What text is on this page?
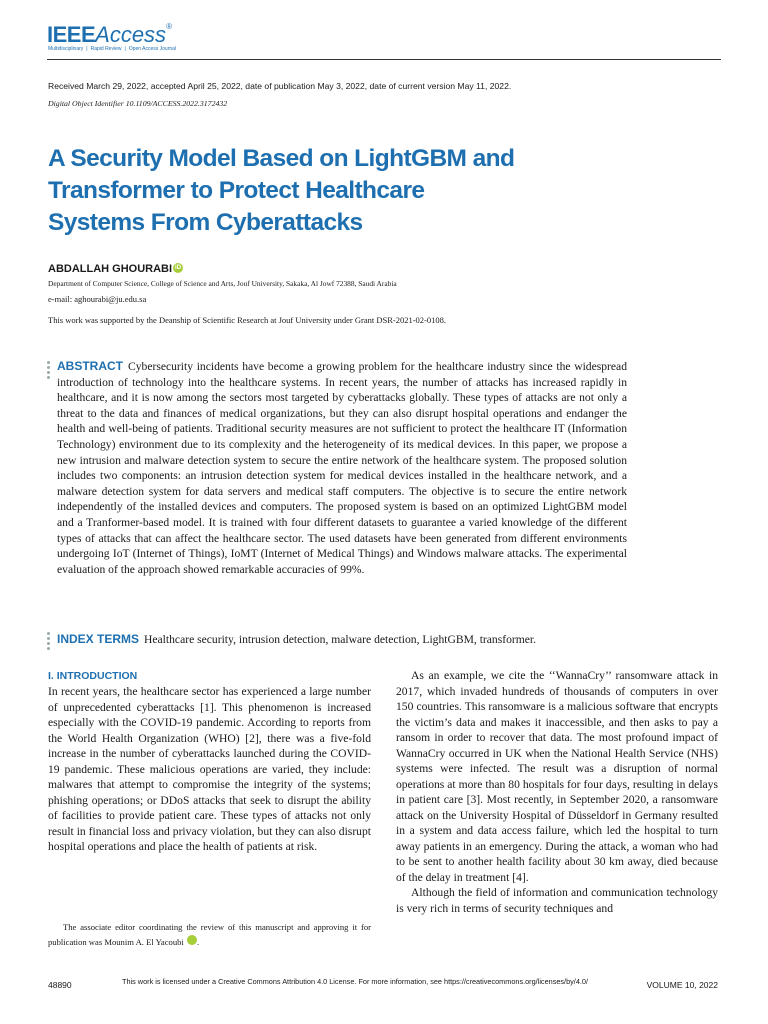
IEEEAccess®
Multidisciplinary | Rapid Review | Open Access Journal
Received March 29, 2022, accepted April 25, 2022, date of publication May 3, 2022, date of current version May 11, 2022.
Digital Object Identifier 10.1109/ACCESS.2022.3172432
A Security Model Based on LightGBM and
Transformer to Protect Healthcare
Systems From Cyberattacks
ABDALLAH GHOURABI iD
Department of Computer Science, College of Science and Arts, Jouf University, Sakaka, Al Jowf 72388, Saudi Arabia
e-mail: aghourabi@ju.edu.sa
This work was supported by the Deanship of Scientific Research at Jouf University under Grant DSR-2021-02-0108.

ABSTRACT Cybersecurity incidents have become a growing problem for the healthcare industry since the widespread introduction of technology into the healthcare systems. In recent years, the number of attacks has increased rapidly in healthcare, and it is now among the sectors most targeted by cyberattacks globally. These types of attacks are not only a threat to the data and finances of medical organizations, but they can also disrupt hospital operations and endanger the health and well-being of patients. Traditional security measures are not sufficient to protect the healthcare IT (Information Technology) environment due to its complexity and the heterogeneity of its medical devices. In this paper, we propose a new intrusion and malware detection system to secure the entire network of the healthcare system. The proposed solution includes two components: an intrusion detection system for medical devices installed in the healthcare network, and a malware detection system for data servers and medical staff computers. The objective is to secure the entire network independently of the installed devices and computers. The proposed system is based on an optimized LightGBM model and a Tranformer-based model. It is trained with four different datasets to guarantee a varied knowledge of the different types of attacks that can affect the healthcare sector. The used datasets have been generated from different environments undergoing IoT (Internet of Things), IoMT (Internet of Medical Things) and Windows malware attacks. The experimental evaluation of the approach showed remarkable accuracies of 99%.

INDEX TERMS Healthcare security, intrusion detection, malware detection, LightGBM, transformer.

I. INTRODUCTION

In recent years, the healthcare sector has experienced a large number of unprecedented cyberattacks [1]. This phenomenon is increased especially with the COVID-19 pandemic. According to reports from the World Health Organization (WHO) [2], there was a five-fold increase in the number of cyberattacks launched during the COVID-19 pandemic. These malicious operations are varied, they include: malwares that attempt to compromise the integrity of the systems; phishing operations; or DDoS attacks that seek to disrupt the ability of facilities to provide patient care. These types of attacks not only result in financial loss and privacy violation, but they can also disrupt hospital operations and place the health of patients at risk.

The associate editor coordinating the review of this manuscript and approving it for publication was Mounim A. El Yacoubi	iD.

As an example, we cite the ‘‘WannaCry’’ ransomware attack in 2017, which invaded hundreds of thousands of computers in over 150 countries. This ransomware is a malicious software that encrypts the victim’s data and makes it inaccessible, and then asks to pay a ransom in order to recover that data. The most profound impact of WannaCry occurred in UK when the National Health Service (NHS) systems were infected. The result was a disruption of normal operations at more than 80 hospitals for four days, resulting in delays in patient care [3]. Most recently, in September 2020, a ransomware attack on the University Hospital of Düsseldorf in Germany resulted in a system and data access failure, which led the hospital to turn away patients in an emergency. During the attack, a woman who had to be sent to another health facility about 30 km away, died because of the delay in treatment [4].

Although the field of information and communication technology is very rich in terms of security techniques and

48890	This work is licensed under a Creative Commons Attribution 4.0 License. For more information, see https://creativecommons.org/licenses/by/4.0/	VOLUME 10, 2022
